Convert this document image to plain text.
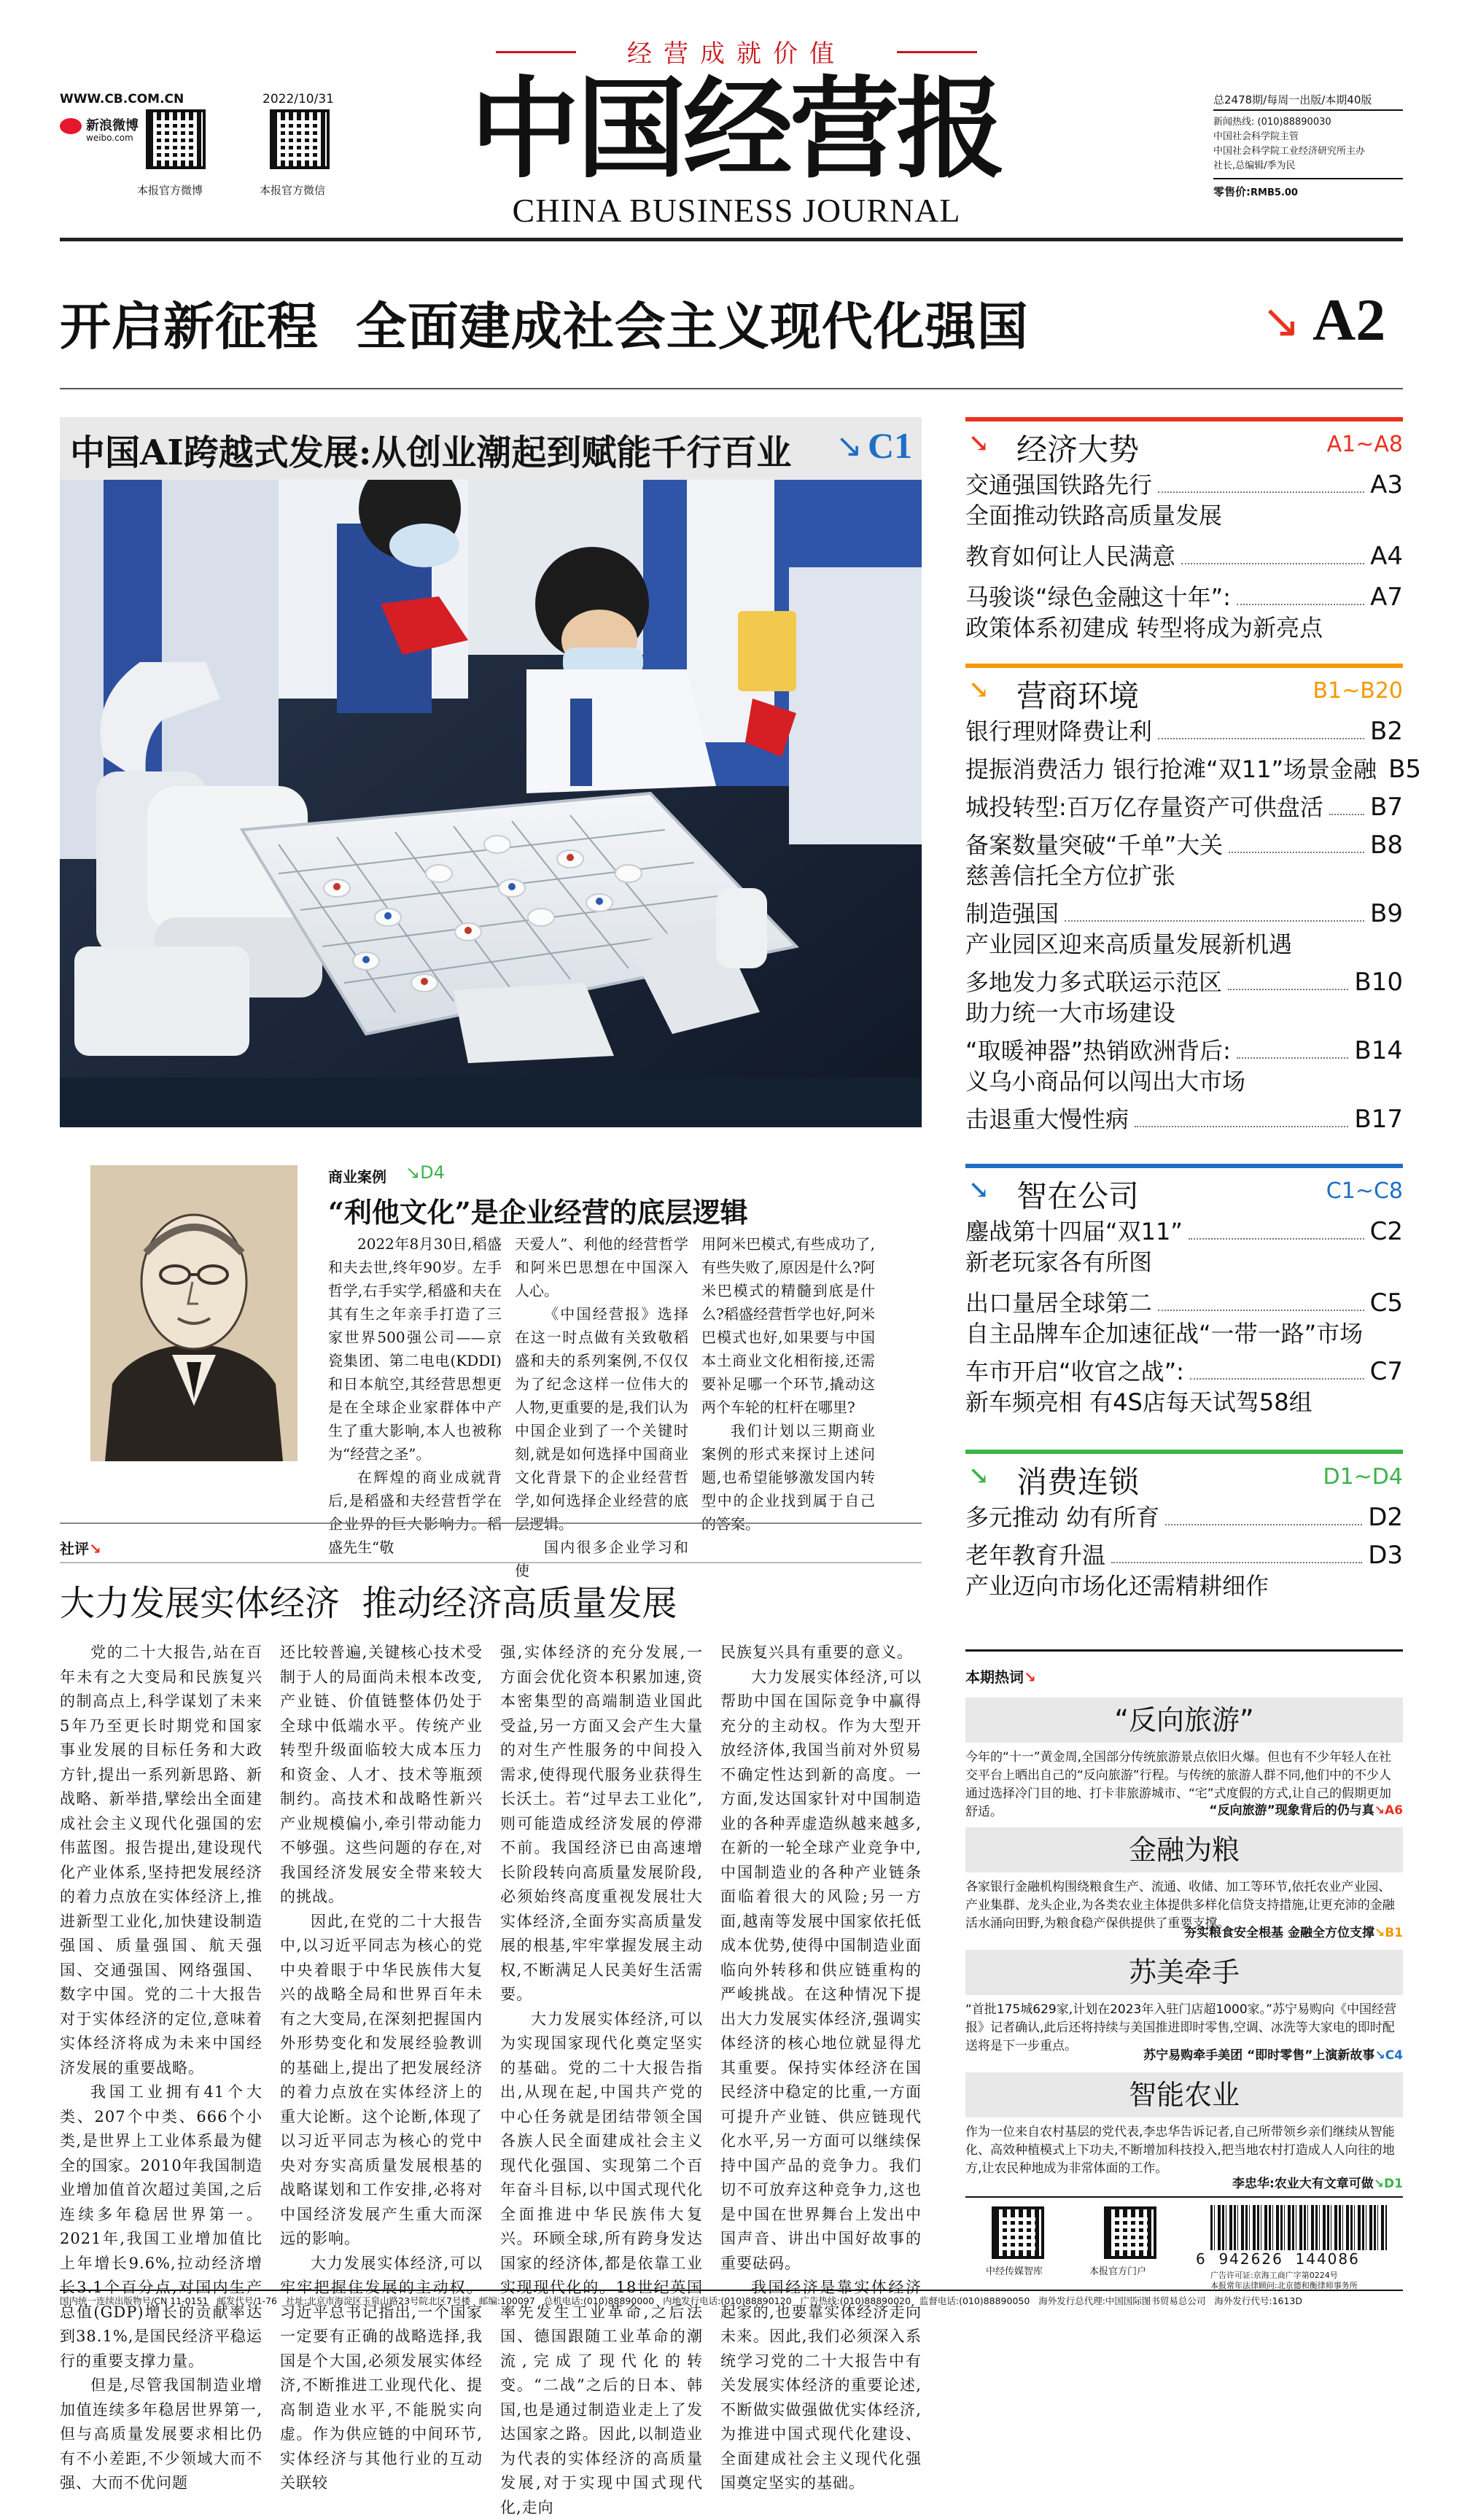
经营成就价值
中国经营报
CHINA BUSINESS JOURNAL
WWW.CB.COM.CN	2022/10/31
新浪微博
weibo.com
本报官方微博	本报官方微信
总2478期/每周一出版/本期40版
新闻热线: (010)88890030
中国社会科学院主管
中国社会科学院工业经济研究所主办
社长,总编辑/季为民
零售价:RMB5.00
开启新征程  全面建成社会主义现代化强国	↘ A2
中国AI跨越式发展:从创业潮起到赋能千行百业 ↘ C1
商业案例 ↘D4
“利他文化”是企业经营的底层逻辑

2022年8月30日,稻盛和夫去世,终年90岁。左手哲学,右手实学,稻盛和夫在其有生之年亲手打造了三家世界500强公司——京瓷集团、第二电电(KDDI)和日本航空,其经营思想更是在全球企业家群体中产生了重大影响,本人也被称为“经营之圣”。

在辉煌的商业成就背后,是稻盛和夫经营哲学在企业界的巨大影响力。稻盛先生“敬

天爱人”、利他的经营哲学和阿米巴思想在中国深入人心。

《中国经营报》选择在这一时点做有关致敬稻盛和夫的系列案例,不仅仅为了纪念这样一位伟大的人物,更重要的是,我们认为中国企业到了一个关键时刻,就是如何选择中国商业文化背景下的企业经营哲学,如何选择企业经营的底层逻辑。

国内很多企业学习和使

用阿米巴模式,有些成功了,有些失败了,原因是什么?阿米巴模式的精髓到底是什么?稻盛经营哲学也好,阿米巴模式也好,如果要与中国本土商业文化相衔接,还需要补足哪一个环节,撬动这两个车轮的杠杆在哪里?

我们计划以三期商业案例的形式来探讨上述问题,也希望能够激发国内转型中的企业找到属于自己的答案。

社评↘
大力发展实体经济  推动经济高质量发展

党的二十大报告,站在百年未有之大变局和民族复兴的制高点上,科学谋划了未来5年乃至更长时期党和国家事业发展的目标任务和大政方针,提出一系列新思路、新战略、新举措,擘绘出全面建成社会主义现代化强国的宏伟蓝图。报告提出,建设现代化产业体系,坚持把发展经济的着力点放在实体经济上,推进新型工业化,加快建设制造强国、质量强国、航天强国、交通强国、网络强国、数字中国。党的二十大报告对于实体经济的定位,意味着实体经济将成为未来中国经济发展的重要战略。

我国工业拥有41个大类、207个中类、666个小类,是世界上工业体系最为健全的国家。2010年我国制造业增加值首次超过美国,之后连续多年稳居世界第一。2021年,我国工业增加值比上年增长9.6%,拉动经济增长3.1个百分点,对国内生产总值(GDP)增长的贡献率达到38.1%,是国民经济平稳运行的重要支撑力量。

但是,尽管我国制造业增加值连续多年稳居世界第一,但与高质量发展要求相比仍有不小差距,不少领域大而不强、大而不优问题

还比较普遍,关键核心技术受制于人的局面尚未根本改变,产业链、价值链整体仍处于全球中低端水平。传统产业转型升级面临较大成本压力和资金、人才、技术等瓶颈制约。高技术和战略性新兴产业规模偏小,牵引带动能力不够强。这些问题的存在,对我国经济发展安全带来较大的挑战。

因此,在党的二十大报告中,以习近平同志为核心的党中央着眼于中华民族伟大复兴的战略全局和世界百年未有之大变局,在深刻把握国内外形势变化和发展经验教训的基础上,提出了把发展经济的着力点放在实体经济上的重大论断。这个论断,体现了以习近平同志为核心的党中央对夯实高质量发展根基的战略谋划和工作安排,必将对中国经济发展产生重大而深远的影响。

大力发展实体经济,可以牢牢把握住发展的主动权。习近平总书记指出,一个国家一定要有正确的战略选择,我国是个大国,必须发展实体经济,不断推进工业现代化、提高制造业水平,不能脱实向虚。作为供应链的中间环节,实体经济与其他行业的互动关联较

强,实体经济的充分发展,一方面会优化资本积累加速,资本密集型的高端制造业国此受益,另一方面又会产生大量的对生产性服务的中间投入需求,使得现代服务业获得生长沃土。若“过早去工业化”,则可能造成经济发展的停滞不前。我国经济已由高速增长阶段转向高质量发展阶段,必须始终高度重视发展壮大实体经济,全面夯实高质量发展的根基,牢牢掌握发展主动权,不断满足人民美好生活需要。

大力发展实体经济,可以为实现国家现代化奠定坚实的基础。党的二十大报告指出,从现在起,中国共产党的中心任务就是团结带领全国各族人民全面建成社会主义现代化强国、实现第二个百年奋斗目标,以中国式现代化全面推进中华民族伟大复兴。环顾全球,所有跨身发达国家的经济体,都是依靠工业实现现代化的。18世纪英国率先发生工业革命,之后法国、德国跟随工业革命的潮流,完成了现代化的转变。“二战”之后的日本、韩国,也是通过制造业走上了发达国家之路。因此,以制造业为代表的实体经济的高质量发展,对于实现中国式现代化,走向

民族复兴具有重要的意义。

大力发展实体经济,可以帮助中国在国际竞争中赢得充分的主动权。作为大型开放经济体,我国当前对外贸易不确定性达到新的高度。一方面,发达国家针对中国制造业的各种弄虚造纵越来越多,在新的一轮全球产业竞争中,中国制造业的各种产业链条面临着很大的风险;另一方面,越南等发展中国家依托低成本优势,使得中国制造业面临向外转移和供应链重构的严峻挑战。在这种情况下提出大力发展实体经济,强调实体经济的核心地位就显得尤其重要。保持实体经济在国民经济中稳定的比重,一方面可提升产业链、供应链现代化水平,另一方面可以继续保持中国产品的竞争力。我们切不可放弃这种竞争力,这也是中国在世界舞台上发出中国声音、讲出中国好故事的重要砝码。

我国经济是靠实体经济起家的,也要靠实体经济走向未来。因此,我们必须深入系统学习党的二十大报告中有关发展实体经济的重要论述,不断做实做强做优实体经济,为推进中国式现代化建设、全面建成社会主义现代化强国奠定坚实的基础。

↘ 经济大势	A1~A8
交通强国铁路先行	A3
全面推动铁路高质量发展
教育如何让人民满意	A4
马骏谈“绿色金融这十年”:	A7
政策体系初建成 转型将成为新亮点
↘ 营商环境	B1~B20
银行理财降费让利	B2
提振消费活力 银行抢滩“双11”场景金融 B5
城投转型:百万亿存量资产可供盘活 B7
备案数量突破“千单”大关	B8
慈善信托全方位扩张
制造强国	B9
产业园区迎来高质量发展新机遇
多地发力多式联运示范区	B10
助力统一大市场建设
“取暖神器”热销欧洲背后:	B14
义乌小商品何以闯出大市场
击退重大慢性病	B17
↘ 智在公司	C1~C8
鏖战第十四届“双11”	C2
新老玩家各有所图
出口量居全球第二	C5
自主品牌车企加速征战“一带一路”市场
车市开启“收官之战”:	C7
新车频亮相 有4S店每天试驾58组
↘ 消费连锁	D1~D4
多元推动 幼有所育	D2
老年教育升温	D3
产业迈向市场化还需精耕细作
本期热词↘
“反向旅游”
今年的“十一”黄金周,全国部分传统旅游景点依旧火爆。但也有不少年轻人在社交平台上晒出自己的“反向旅游”行程。与传统的旅游人群不同,他们中的不少人通过选择冷门目的地、打卡非旅游城市、“宅”式度假的方式,让自己的假期更加舒适。	“反向旅游”现象背后的仍与真↘A6
金融为粮
各家银行金融机构围绕粮食生产、流通、收储、加工等环节,依托农业产业园、产业集群、龙头企业,为各类农业主体提供多样化信贷支持措施,让更充沛的金融活水涌向田野,为粮食稳产保供提供了重要支撑。
夯实粮食安全根基 金融全方位支撑↘B1
苏美牵手
“首批175城629家,计划在2023年入驻门店超1000家。”苏宁易购向《中国经营报》记者确认,此后还将持续与美国推进即时零售,空调、冰洗等大家电的即时配送将是下一步重点。
苏宁易购牵手美团 “即时零售”上演新故事↘C4
智能农业
作为一位来自农村基层的党代表,李忠华告诉记者,自己所带领乡亲们继续从智能化、高效种植模式上下功夫,不断增加科技投入,把当地农村打造成人人向往的地方,让农民种地成为非常体面的工作。
李忠华:农业大有文章可做↘D1
中经传媒智库	本报官方门户
6  942626  144086
广告许可证:京海工商广字第0224号
本报常年法律顾问:北京德和衡律师事务所
国内统一连续出版物号/CN 11-0151   邮发代号/1-76   社址:北京市海淀区玉泉山路23号院北区7号楼   邮编:100097   总机电话:(010)88890000   内地发行电话:(010)88890120   广告热线:(010)88890020   监督电话:(010)88890050   海外发行总代理:中国国际图书贸易总公司   海外发行代号:1613D
